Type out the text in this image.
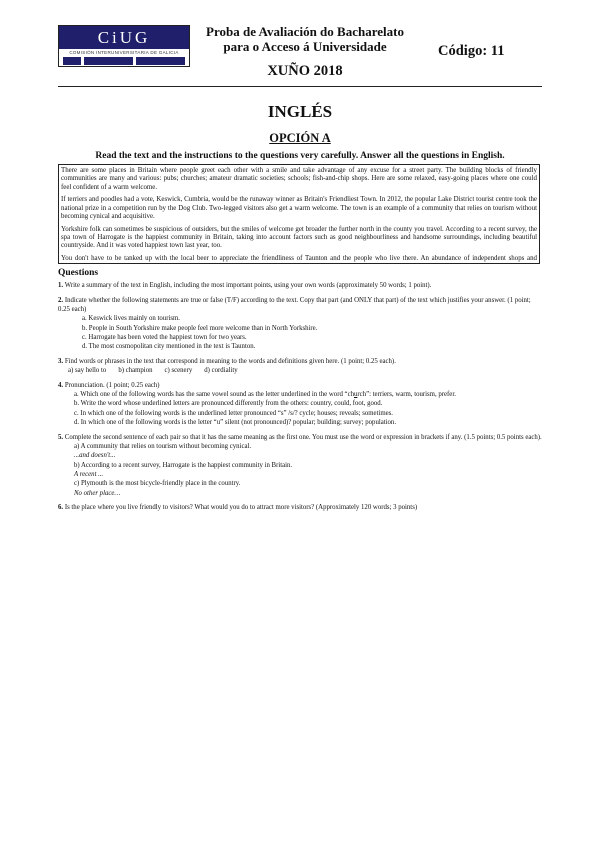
CiUG
COMISIÓN INTERUNIVERSITARIA DE GALICIA
Proba de Avaliación do Bacharelato
para o Acceso á Universidade	Código: 11
XUÑO 2018
INGLÉS
OPCIÓN A
Read the text and the instructions to the questions very carefully. Answer all the questions in English.

There are some places in Britain where people greet each other with a smile and take advantage of any excuse for a street party. The building blocks of friendly communities are many and various: pubs; churches; amateur dramatic societies; schools; fish-and-chip shops. Here are some relaxed, easy-going places where one could feel confident of a warm welcome.

If terriers and poodles had a vote, Keswick, Cumbria, would be the runaway winner as Britain's Friendliest Town. In 2012, the popular Lake District tourist centre took the national prize in a competition run by the Dog Club. Two-legged visitors also get a warm welcome. The town is an example of a community that relies on tourism without becoming cynical and acquisitive.

Yorkshire folk can sometimes be suspicious of outsiders, but the smiles of welcome get broader the further north in the county you travel. According to a recent survey, the spa town of Harrogate is the happiest community in Britain, taking into account factors such as good neighbourliness and handsome surroundings, including beautiful countryside. And it was voted happiest town last year, too.

You don't have to be tanked up with the local beer to appreciate the friendliness of Taunton and the people who live there. An abundance of independent shops and

Questions
1. Write a summary of the text in English, including the most important points, using your own words (approximately 50 words; 1 point).
2. Indicate whether the following statements are true or false (T/F) according to the text. Copy that part (and ONLY that part) of the text which justifies your answer. (1 point; 0.25 each)
a. Keswick lives mainly on tourism.
b. People in South Yorkshire make people feel more welcome than in North Yorkshire.
c. Harrogate has been voted the happiest town for two years.
d. The most cosmopolitan city mentioned in the text is Taunton.
3. Find words or phrases in the text that correspond in meaning to the words and definitions given here. (1 point; 0.25 each).
a) say hello to b) champion c) scenery d) cordiality
4. Pronunciation. (1 point; 0.25 each)
a. Which one of the following words has the same vowel sound as the letter underlined in the word “church”: terriers, warm, tourism, prefer.
b. Write the word whose underlined letters are pronounced differently from the others: country, could, foot, good.
c. In which one of the following words is the underlined letter pronounced “s” /s/? cycle; houses; reveals; sometimes.
d. In which one of the following words is the letter “u” silent (not pronounced)? popular; building; survey; population.
5. Complete the second sentence of each pair so that it has the same meaning as the first one. You must use the word or expression in brackets if any. (1.5 points; 0.5 points each).
a) A community that relies on tourism without becoming cynical.
...and doesn't...
b) According to a recent survey, Harrogate is the happiest community in Britain.
A recent ...
c) Plymouth is the most bicycle-friendly place in the country.
No other place…
6. Is the place where you live friendly to visitors? What would you do to attract more visitors? (Approximately 120 words; 3 points)
